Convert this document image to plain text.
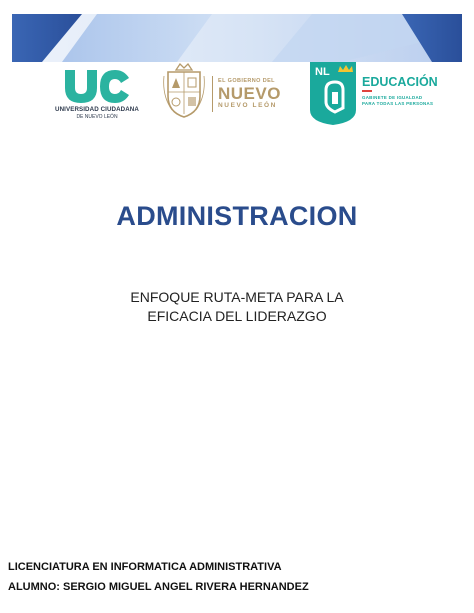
UNIVERSIDAD CIUDADANA
DE NUEVO LEÓN
EL GOBIERNO DEL
NUEVO
NUEVO LEÓN
NL
EDUCACIÓN
GABINETE DE IGUALDAD
PARA TODAS LAS PERSONAS
ADMINISTRACION
ENFOQUE RUTA-META PARA LA
EFICACIA DEL LIDERAZGO
LICENCIATURA EN INFORMATICA ADMINISTRATIVA
ALUMNO: SERGIO MIGUEL ANGEL RIVERA HERNANDEZ
